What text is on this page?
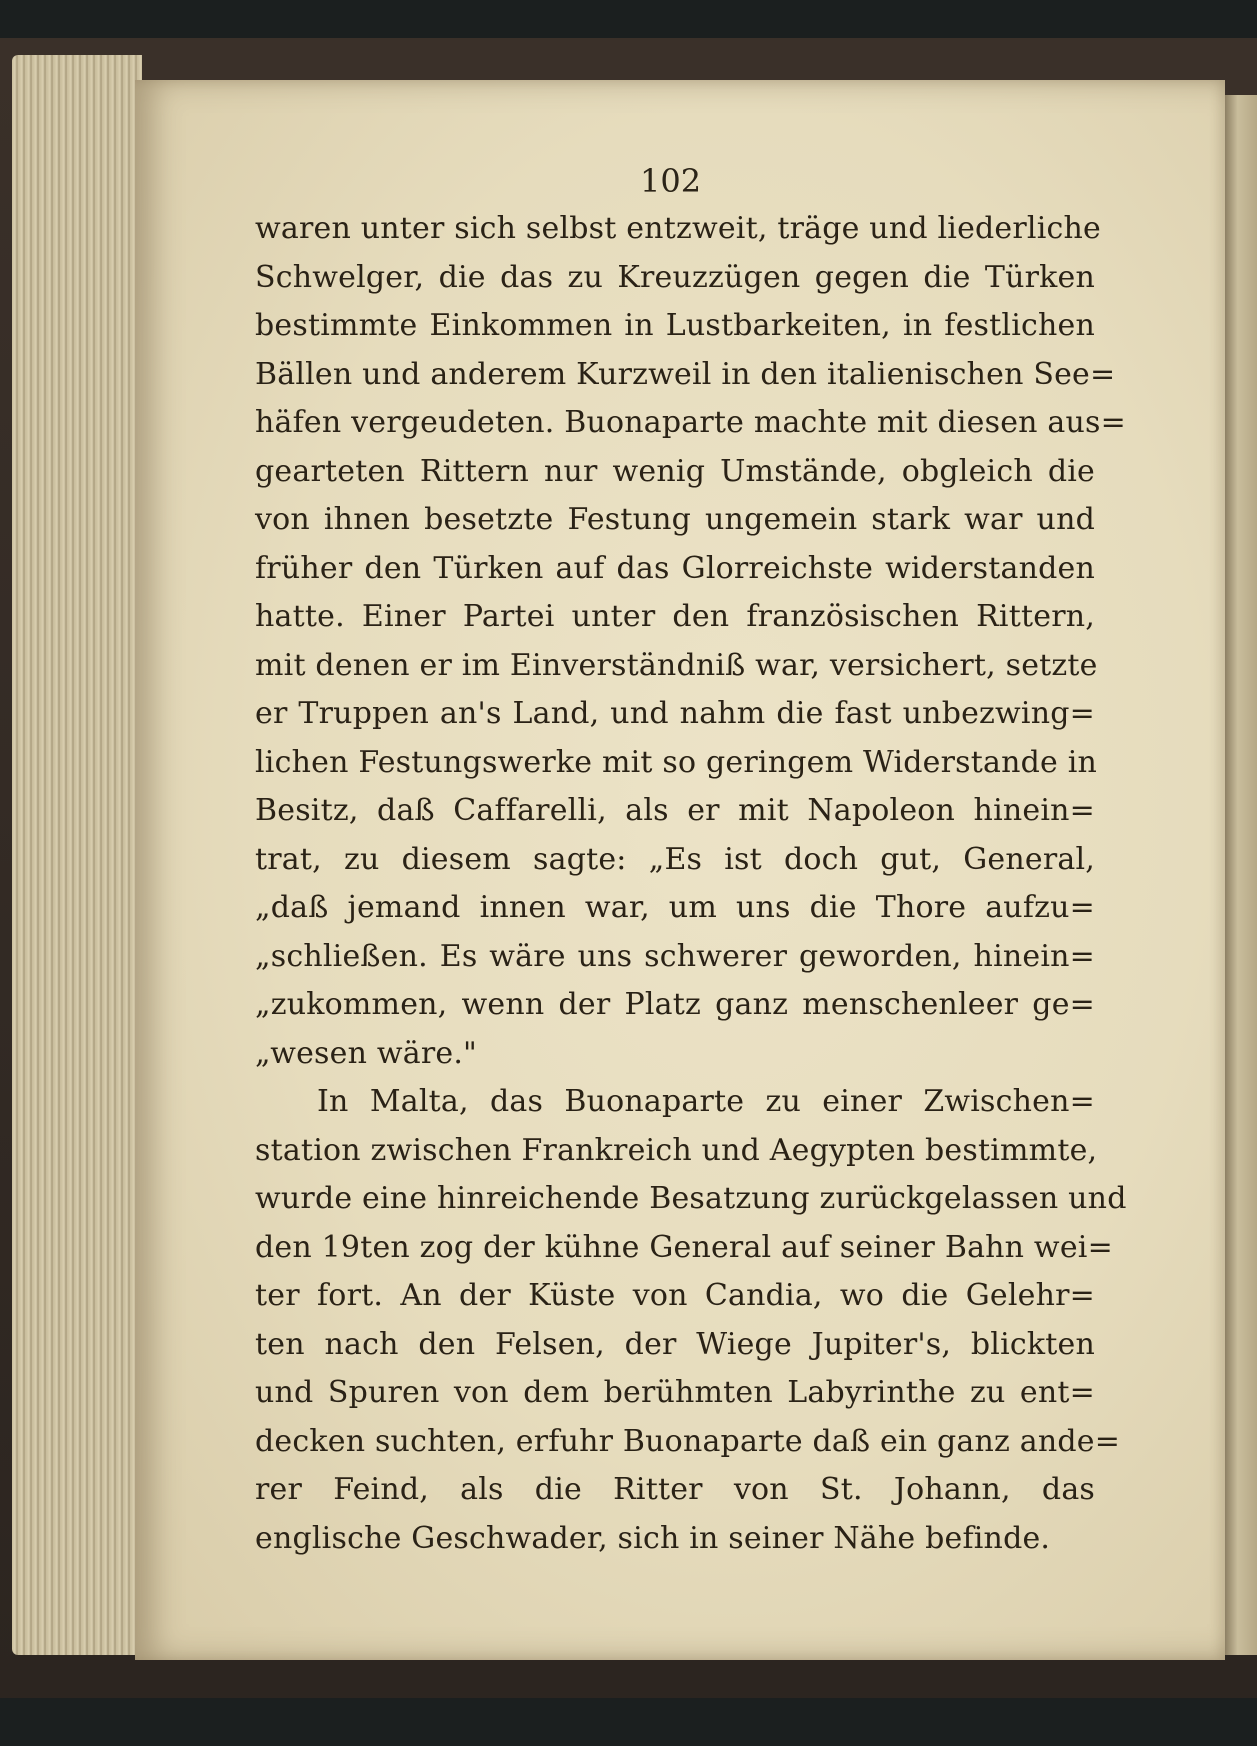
102
waren unter sich selbst entzweit, träge und liederliche
Schwelger, die das zu Kreuzzügen gegen die Türken
bestimmte Einkommen in Lustbarkeiten, in festlichen
Bällen und anderem Kurzweil in den italienischen See=
häfen vergeudeten. Buonaparte machte mit diesen aus=
gearteten Rittern nur wenig Umstände, obgleich die
von ihnen besetzte Festung ungemein stark war und
früher den Türken auf das Glorreichste widerstanden
hatte. Einer Partei unter den französischen Rittern,
mit denen er im Einverständniß war, versichert, setzte
er Truppen an's Land, und nahm die fast unbezwing=
lichen Festungswerke mit so geringem Widerstande in
Besitz, daß Caffarelli, als er mit Napoleon hinein=
trat, zu diesem sagte: „Es ist doch gut, General,
„daß jemand innen war, um uns die Thore aufzu=
„schließen. Es wäre uns schwerer geworden, hinein=
„zukommen, wenn der Platz ganz menschenleer ge=
„wesen wäre."
In Malta, das Buonaparte zu einer Zwischen=
station zwischen Frankreich und Aegypten bestimmte,
wurde eine hinreichende Besatzung zurückgelassen und
den 19ten zog der kühne General auf seiner Bahn wei=
ter fort. An der Küste von Candia, wo die Gelehr=
ten nach den Felsen, der Wiege Jupiter's, blickten
und Spuren von dem berühmten Labyrinthe zu ent=
decken suchten, erfuhr Buonaparte daß ein ganz ande=
rer Feind, als die Ritter von St. Johann, das
englische Geschwader, sich in seiner Nähe befinde.
